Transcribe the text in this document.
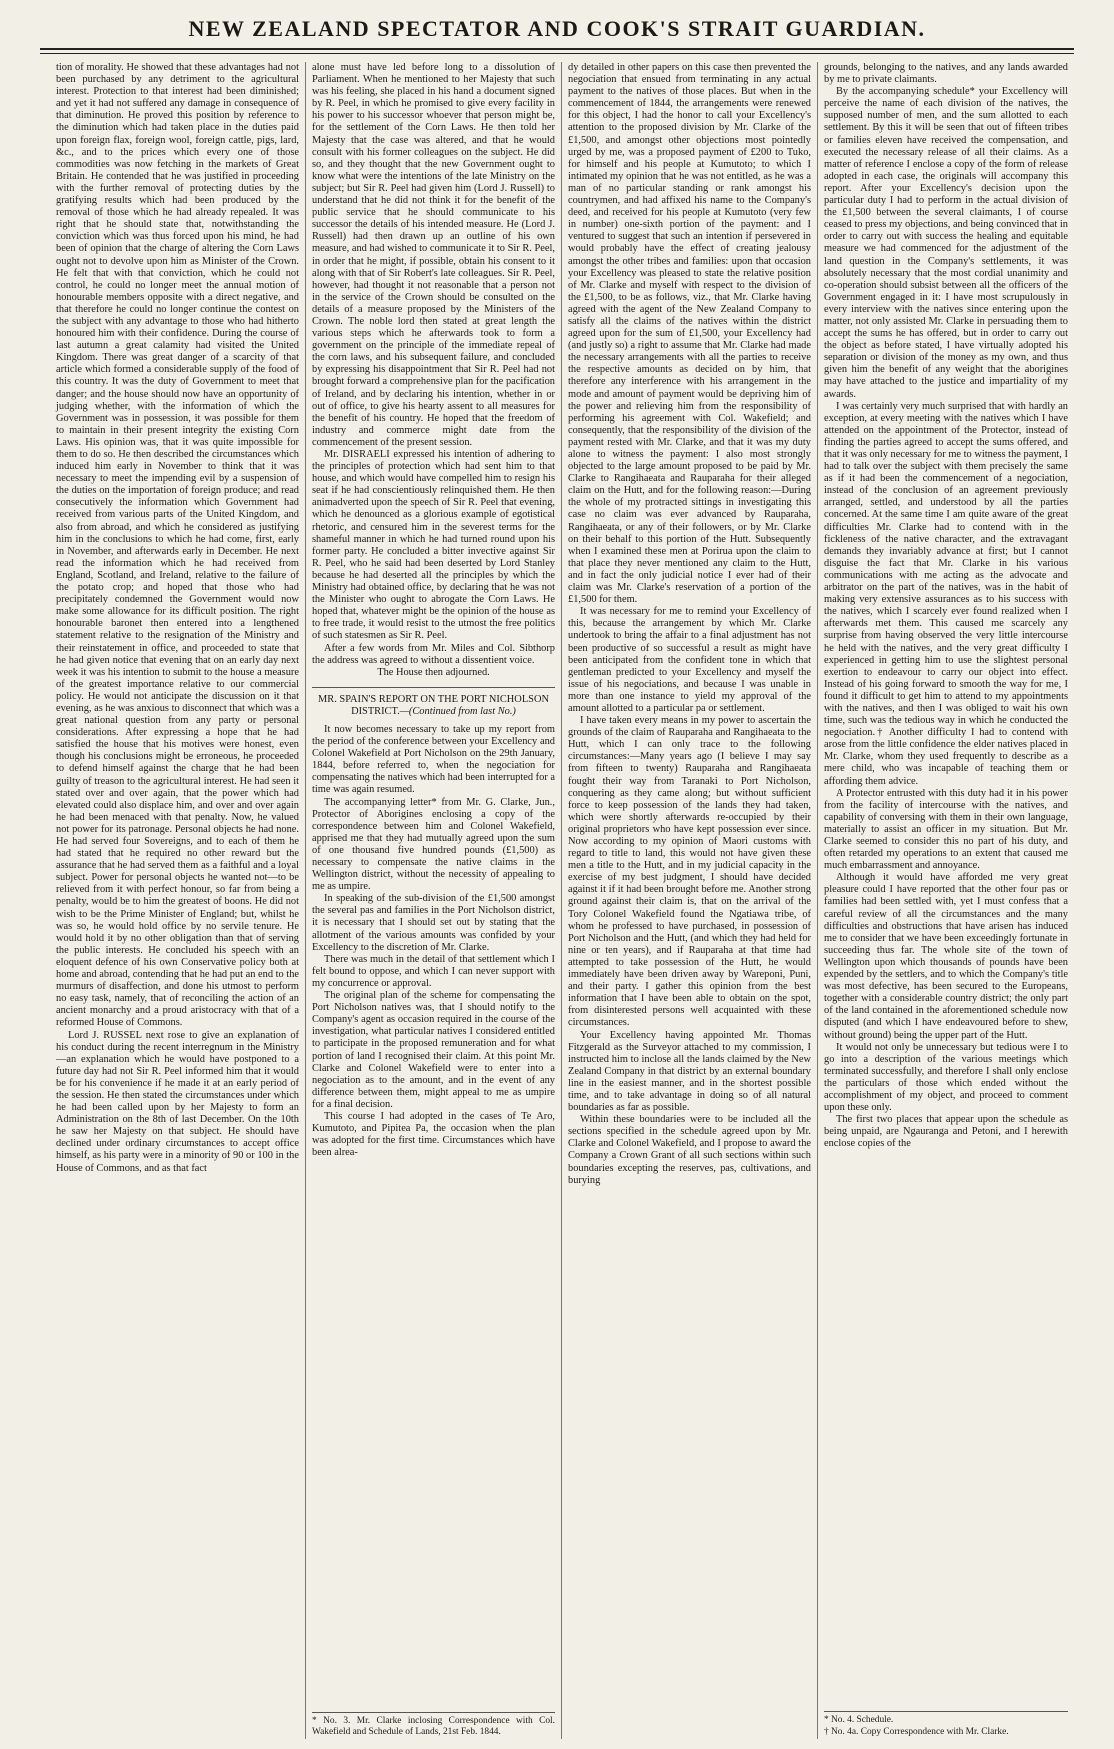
NEW ZEALAND SPECTATOR AND COOK'S STRAIT GUARDIAN.

tion of morality. He showed that these advantages had not been purchased by any detriment to the agricultural interest. Protection to that interest had been diminished; and yet it had not suffered any damage in consequence of that diminution. He proved this position by reference to the diminution which had taken place in the duties paid upon foreign flax, foreign wool, foreign cattle, pigs, lard, &c., and to the prices which every one of those commodities was now fetching in the markets of Great Britain. He contended that he was justified in proceeding with the further removal of protecting duties by the gratifying results which had been produced by the removal of those which he had already repealed. It was right that he should state that, notwithstanding the conviction which was thus forced upon his mind, he had been of opinion that the charge of altering the Corn Laws ought not to devolve upon him as Minister of the Crown. He felt that with that conviction, which he could not control, he could no longer meet the annual motion of honourable members opposite with a direct negative, and that therefore he could no longer continue the contest on the subject with any advantage to those who had hitherto honoured him with their confidence. During the course of last autumn a great calamity had visited the United Kingdom. There was great danger of a scarcity of that article which formed a considerable supply of the food of this country. It was the duty of Government to meet that danger; and the house should now have an opportunity of judging whether, with the information of which the Government was in possession, it was possible for them to maintain in their present integrity the existing Corn Laws. His opinion was, that it was quite impossible for them to do so. He then described the circumstances which induced him early in November to think that it was necessary to meet the impending evil by a suspension of the duties on the importation of foreign produce; and read consecutively the information which Government had received from various parts of the United Kingdom, and also from abroad, and which he considered as justifying him in the conclusions to which he had come, first, early in November, and afterwards early in December. He next read the information which he had received from England, Scotland, and Ireland, relative to the failure of the potato crop; and hoped that those who had precipitately condemned the Government would now make some allowance for its difficult position. The right honourable baronet then entered into a lengthened statement relative to the resignation of the Ministry and their reinstatement in office, and proceeded to state that he had given notice that evening that on an early day next week it was his intention to submit to the house a measure of the greatest importance relative to our commercial policy. He would not anticipate the discussion on it that evening, as he was anxious to disconnect that which was a great national question from any party or personal considerations. After expressing a hope that he had satisfied the house that his motives were honest, even though his conclusions might be erroneous, he proceeded to defend himself against the charge that he had been guilty of treason to the agricultural interest. He had seen it stated over and over again, that the power which had elevated could also displace him, and over and over again he had been menaced with that penalty. Now, he valued not power for its patronage. Personal objects he had none. He had served four Sovereigns, and to each of them he had stated that he required no other reward but the assurance that he had served them as a faithful and a loyal subject. Power for personal objects he wanted not—to be relieved from it with perfect honour, so far from being a penalty, would be to him the greatest of boons. He did not wish to be the Prime Minister of England; but, whilst he was so, he would hold office by no servile tenure. He would hold it by no other obligation than that of serving the public interests. He concluded his speech with an eloquent defence of his own Conservative policy both at home and abroad, contending that he had put an end to the murmurs of disaffection, and done his utmost to perform no easy task, namely, that of reconciling the action of an ancient monarchy and a proud aristocracy with that of a reformed House of Commons.

Lord J. RUSSEL next rose to give an explanation of his conduct during the recent interregnum in the Ministry—an explanation which he would have postponed to a future day had not Sir R. Peel informed him that it would be for his convenience if he made it at an early period of the session. He then stated the circumstances under which he had been called upon by her Majesty to form an Administration on the 8th of last December. On the 10th he saw her Majesty on that subject. He should have declined under ordinary circumstances to accept office himself, as his party were in a minority of 90 or 100 in the House of Commons, and as that fact

alone must have led before long to a dissolution of Parliament. When he mentioned to her Majesty that such was his feeling, she placed in his hand a document signed by R. Peel, in which he promised to give every facility in his power to his successor whoever that person might be, for the settlement of the Corn Laws. He then told her Majesty that the case was altered, and that he would consult with his former colleagues on the subject. He did so, and they thought that the new Government ought to know what were the intentions of the late Ministry on the subject; but Sir R. Peel had given him (Lord J. Russell) to understand that he did not think it for the benefit of the public service that he should communicate to his successor the details of his intended measure. He (Lord J. Russell) had then drawn up an outline of his own measure, and had wished to communicate it to Sir R. Peel, in order that he might, if possible, obtain his consent to it along with that of Sir Robert's late colleagues. Sir R. Peel, however, had thought it not reasonable that a person not in the service of the Crown should be consulted on the details of a measure proposed by the Ministers of the Crown. The noble lord then stated at great length the various steps which he afterwards took to form a government on the principle of the immediate repeal of the corn laws, and his subsequent failure, and concluded by expressing his disappointment that Sir R. Peel had not brought forward a comprehensive plan for the pacification of Ireland, and by declaring his intention, whether in or out of office, to give his hearty assent to all measures for the benefit of his country. He hoped that the freedom of industry and commerce might date from the commencement of the present session.

Mr. DISRAELI expressed his intention of adhering to the principles of protection which had sent him to that house, and which would have compelled him to resign his seat if he had conscientiously relinquished them. He then animadverted upon the speech of Sir R. Peel that evening, which he denounced as a glorious example of egotistical rhetoric, and censured him in the severest terms for the shameful manner in which he had turned round upon his former party. He concluded a bitter invective against Sir R. Peel, who he said had been deserted by Lord Stanley because he had deserted all the principles by which the Ministry had obtained office, by declaring that he was not the Minister who ought to abrogate the Corn Laws. He hoped that, whatever might be the opinion of the house as to free trade, it would resist to the utmost the free politics of such statesmen as Sir R. Peel.

After a few words from Mr. Miles and Col. Sibthorp the address was agreed to without a dissentient voice.

The House then adjourned.

MR. SPAIN'S REPORT ON THE PORT NICHOLSON DISTRICT.—(Continued from last No.)

It now becomes necessary to take up my report from the period of the conference between your Excellency and Colonel Wakefield at Port Nicholson on the 29th January, 1844, before referred to, when the negociation for compensating the natives which had been interrupted for a time was again resumed.

The accompanying letter* from Mr. G. Clarke, Jun., Protector of Aborigines enclosing a copy of the correspondence between him and Colonel Wakefield, apprised me that they had mutually agreed upon the sum of one thousand five hundred pounds (£1,500) as necessary to compensate the native claims in the Wellington district, without the necessity of appealing to me as umpire.

In speaking of the sub-division of the £1,500 amongst the several pas and families in the Port Nicholson district, it is necessary that I should set out by stating that the allotment of the various amounts was confided by your Excellency to the discretion of Mr. Clarke.

There was much in the detail of that settlement which I felt bound to oppose, and which I can never support with my concurrence or approval.

The original plan of the scheme for compensating the Port Nicholson natives was, that I should notify to the Company's agent as occasion required in the course of the investigation, what particular natives I considered entitled to participate in the proposed remuneration and for what portion of land I recognised their claim. At this point Mr. Clarke and Colonel Wakefield were to enter into a negociation as to the amount, and in the event of any difference between them, might appeal to me as umpire for a final decision.

This course I had adopted in the cases of Te Aro, Kumutoto, and Pipitea Pa, the occasion when the plan was adopted for the first time. Circumstances which have been alrea-

* No. 3. Mr. Clarke inclosing Correspondence with Col. Wakefield and Schedule of Lands, 21st Feb. 1844.

dy detailed in other papers on this case then prevented the negociation that ensued from terminating in any actual payment to the natives of those places. But when in the commencement of 1844, the arrangements were renewed for this object, I had the honor to call your Excellency's attention to the proposed division by Mr. Clarke of the £1,500, and amongst other objections most pointedly urged by me, was a proposed payment of £200 to Tuko, for himself and his people at Kumutoto; to which I intimated my opinion that he was not entitled, as he was a man of no particular standing or rank amongst his countrymen, and had affixed his name to the Company's deed, and received for his people at Kumutoto (very few in number) one-sixth portion of the payment: and I ventured to suggest that such an intention if persevered in would probably have the effect of creating jealousy amongst the other tribes and families: upon that occasion your Excellency was pleased to state the relative position of Mr. Clarke and myself with respect to the division of the £1,500, to be as follows, viz., that Mr. Clarke having agreed with the agent of the New Zealand Company to satisfy all the claims of the natives within the district agreed upon for the sum of £1,500, your Excellency had (and justly so) a right to assume that Mr. Clarke had made the necessary arrangements with all the parties to receive the respective amounts as decided on by him, that therefore any interference with his arrangement in the mode and amount of payment would be depriving him of the power and relieving him from the responsibility of performing his agreement with Col. Wakefield; and consequently, that the responsibility of the division of the payment rested with Mr. Clarke, and that it was my duty alone to witness the payment: I also most strongly objected to the large amount proposed to be paid by Mr. Clarke to Rangihaeata and Rauparaha for their alleged claim on the Hutt, and for the following reason:—During the whole of my protracted sittings in investigating this case no claim was ever advanced by Rauparaha, Rangihaeata, or any of their followers, or by Mr. Clarke on their behalf to this portion of the Hutt. Subsequently when I examined these men at Porirua upon the claim to that place they never mentioned any claim to the Hutt, and in fact the only judicial notice I ever had of their claim was Mr. Clarke's reservation of a portion of the £1,500 for them.

It was necessary for me to remind your Excellency of this, because the arrangement by which Mr. Clarke undertook to bring the affair to a final adjustment has not been productive of so successful a result as might have been anticipated from the confident tone in which that gentleman predicted to your Excellency and myself the issue of his negociations, and because I was unable in more than one instance to yield my approval of the amount allotted to a particular pa or settlement.

I have taken every means in my power to ascertain the grounds of the claim of Rauparaha and Rangihaeata to the Hutt, which I can only trace to the following circumstances:—Many years ago (I believe I may say from fifteen to twenty) Rauparaha and Rangihaeata fought their way from Taranaki to Port Nicholson, conquering as they came along; but without sufficient force to keep possession of the lands they had taken, which were shortly afterwards re-occupied by their original proprietors who have kept possession ever since. Now according to my opinion of Maori customs with regard to title to land, this would not have given these men a title to the Hutt, and in my judicial capacity in the exercise of my best judgment, I should have decided against it if it had been brought before me. Another strong ground against their claim is, that on the arrival of the Tory Colonel Wakefield found the Ngatiawa tribe, of whom he professed to have purchased, in possession of Port Nicholson and the Hutt, (and which they had held for nine or ten years), and if Rauparaha at that time had attempted to take possession of the Hutt, he would immediately have been driven away by Wareponi, Puni, and their party. I gather this opinion from the best information that I have been able to obtain on the spot, from disinterested persons well acquainted with these circumstances.

Your Excellency having appointed Mr. Thomas Fitzgerald as the Surveyor attached to my commission, I instructed him to inclose all the lands claimed by the New Zealand Company in that district by an external boundary line in the easiest manner, and in the shortest possible time, and to take advantage in doing so of all natural boundaries as far as possible.

Within these boundaries were to be included all the sections specified in the schedule agreed upon by Mr. Clarke and Colonel Wakefield, and I propose to award the Company a Crown Grant of all such sections within such boundaries excepting the reserves, pas, cultivations, and burying

grounds, belonging to the natives, and any lands awarded by me to private claimants.

By the accompanying schedule* your Excellency will perceive the name of each division of the natives, the supposed number of men, and the sum allotted to each settlement. By this it will be seen that out of fifteen tribes or families eleven have received the compensation, and executed the necessary release of all their claims. As a matter of reference I enclose a copy of the form of release adopted in each case, the originals will accompany this report. After your Excellency's decision upon the particular duty I had to perform in the actual division of the £1,500 between the several claimants, I of course ceased to press my objections, and being convinced that in order to carry out with success the healing and equitable measure we had commenced for the adjustment of the land question in the Company's settlements, it was absolutely necessary that the most cordial unanimity and co-operation should subsist between all the officers of the Government engaged in it: I have most scrupulously in every interview with the natives since entering upon the matter, not only assisted Mr. Clarke in persuading them to accept the sums he has offered, but in order to carry out the object as before stated, I have virtually adopted his separation or division of the money as my own, and thus given him the benefit of any weight that the aborigines may have attached to the justice and impartiality of my awards.

I was certainly very much surprised that with hardly an exception, at every meeting with the natives which I have attended on the appointment of the Protector, instead of finding the parties agreed to accept the sums offered, and that it was only necessary for me to witness the payment, I had to talk over the subject with them precisely the same as if it had been the commencement of a negociation, instead of the conclusion of an agreement previously arranged, settled, and understood by all the parties concerned. At the same time I am quite aware of the great difficulties Mr. Clarke had to contend with in the fickleness of the native character, and the extravagant demands they invariably advance at first; but I cannot disguise the fact that Mr. Clarke in his various communications with me acting as the advocate and arbitrator on the part of the natives, was in the habit of making very extensive assurances as to his success with the natives, which I scarcely ever found realized when I afterwards met them. This caused me scarcely any surprise from having observed the very little intercourse he held with the natives, and the very great difficulty I experienced in getting him to use the slightest personal exertion to endeavour to carry our object into effect. Instead of his going forward to smooth the way for me, I found it difficult to get him to attend to my appointments with the natives, and then I was obliged to wait his own time, such was the tedious way in which he conducted the negociation.† Another difficulty I had to contend with arose from the little confidence the elder natives placed in Mr. Clarke, whom they used frequently to describe as a mere child, who was incapable of teaching them or affording them advice.

A Protector entrusted with this duty had it in his power from the facility of intercourse with the natives, and capability of conversing with them in their own language, materially to assist an officer in my situation. But Mr. Clarke seemed to consider this no part of his duty, and often retarded my operations to an extent that caused me much embarrassment and annoyance.

Although it would have afforded me very great pleasure could I have reported that the other four pas or families had been settled with, yet I must confess that a careful review of all the circumstances and the many difficulties and obstructions that have arisen has induced me to consider that we have been exceedingly fortunate in succeeding thus far. The whole site of the town of Wellington upon which thousands of pounds have been expended by the settlers, and to which the Company's title was most defective, has been secured to the Europeans, together with a considerable country district; the only part of the land contained in the aforementioned schedule now disputed (and which I have endeavoured before to shew, without ground) being the upper part of the Hutt.

It would not only be unnecessary but tedious were I to go into a description of the various meetings which terminated successfully, and therefore I shall only enclose the particulars of those which ended without the accomplishment of my object, and proceed to comment upon these only.

The first two places that appear upon the schedule as being unpaid, are Ngauranga and Petoni, and I herewith enclose copies of the

* No. 4. Schedule.

† No. 4a. Copy Correspondence with Mr. Clarke.
